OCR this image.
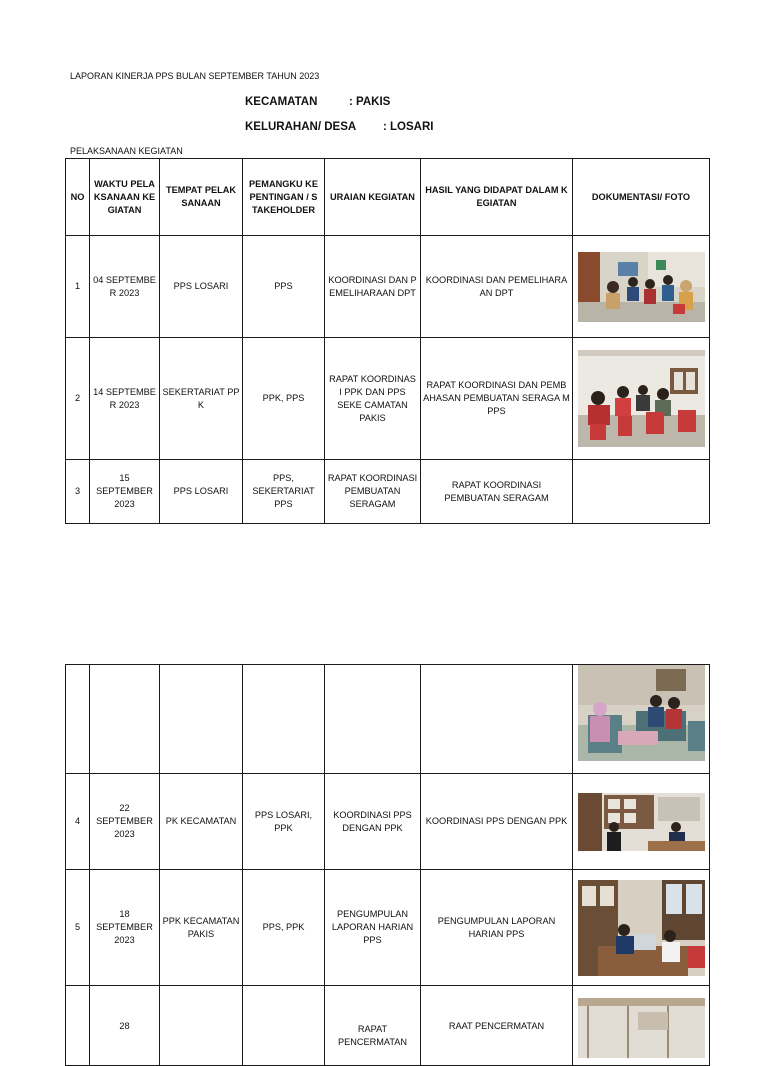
LAPORAN KINERJA PPS BULAN SEPTEMBER TAHUN 2023
KECAMATAN	: PAKIS
KELURAHAN/ DESA : LOSARI
PELAKSANAAN KEGIATAN
NO	WAKTU PELA KSANAAN KE GIATAN	TEMPAT PELAK SANAAN	PEMANGKU KE PENTINGAN / S TAKEHOLDER	URAIAN KEGIATAN	HASIL YANG DIDAPAT DALAM K EGIATAN	DOKUMENTASI/ FOTO
1	04 SEPTEMBE R 2023	PPS LOSARI	PPS	KOORDINASI DAN P EMELIHARAAN DPT	KOORDINASI DAN PEMELIHARA AN DPT	

2	14 SEPTEMBE R 2023	SEKERTARIAT PP K	PPK, PPS	RAPAT KOORDINAS I PPK DAN PPS SEKE CAMATAN PAKIS	RAPAT KOORDINASI DAN PEMB AHASAN PEMBUATAN SERAGA M PPS	

3	15 SEPTEMBER 2023	PPS LOSARI	PPS, SEKERTARIAT PPS	RAPAT KOORDINASI PEMBUATAN SERAGAM	RAPAT KOORDINASI PEMBUATAN SERAGAM	

4	22 SEPTEMBER 2023	PK KECAMATAN	PPS LOSARI, PPK	KOORDINASI PPS DENGAN PPK	KOORDINASI PPS DENGAN PPK	

5	18 SEPTEMBER 2023	PPK KECAMATAN PAKIS	PPS, PPK	PENGUMPULAN LAPORAN HARIAN PPS	PENGUMPULAN LAPORAN HARIAN PPS	

	28			RAPAT PENCERMATAN	RAAT PENCERMATAN	
